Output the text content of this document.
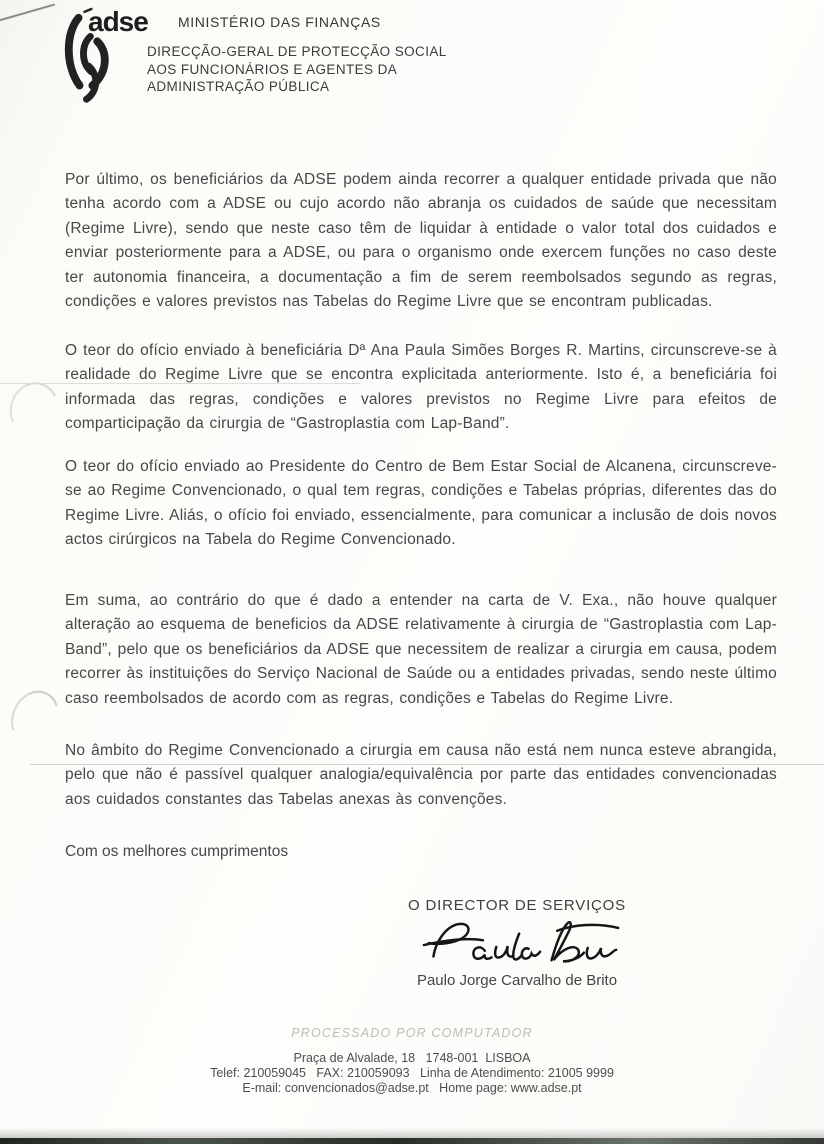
adse MINISTÉRIO DAS FINANÇAS
DIRECÇÃO-GERAL DE PROTECÇÃO SOCIAL
AOS FUNCIONÁRIOS E AGENTES DA
ADMINISTRAÇÃO PÚBLICA
Por último, os beneficiários da ADSE podem ainda recorrer a qualquer entidade privada que não tenha acordo com a ADSE ou cujo acordo não abranja os cuidados de saúde que necessitam (Regime Livre), sendo que neste caso têm de liquidar à entidade o valor total dos cuidados e enviar posteriormente para a ADSE, ou para o organismo onde exercem funções no caso deste ter autonomia financeira, a documentação a fim de serem reembolsados segundo as regras, condições e valores previstos nas Tabelas do Regime Livre que se encontram publicadas.
O teor do ofício enviado à beneficiária Dª Ana Paula Simões Borges R. Martins, circunscreve-se à realidade do Regime Livre que se encontra explicitada anteriormente. Isto é, a beneficiária foi informada das regras, condições e valores previstos no Regime Livre para efeitos de comparticipação da cirurgia de “Gastroplastia com Lap-Band”.
O teor do ofício enviado ao Presidente do Centro de Bem Estar Social de Alcanena, circunscreve-se ao Regime Convencionado, o qual tem regras, condições e Tabelas próprias, diferentes das do Regime Livre. Aliás, o ofício foi enviado, essencialmente, para comunicar a inclusão de dois novos actos cirúrgicos na Tabela do Regime Convencionado.
Em suma, ao contrário do que é dado a entender na carta de V. Exa., não houve qualquer alteração ao esquema de beneficios da ADSE relativamente à cirurgia de “Gastroplastia com Lap-Band”, pelo que os beneficiários da ADSE que necessitem de realizar a cirurgia em causa, podem recorrer às instituições do Serviço Nacional de Saúde ou a entidades privadas, sendo neste último caso reembolsados de acordo com as regras, condições e Tabelas do Regime Livre.
No âmbito do Regime Convencionado a cirurgia em causa não está nem nunca esteve abrangida, pelo que não é passível qualquer analogia/equivalência por parte das entidades convencionadas aos cuidados constantes das Tabelas anexas às convenções.
Com os melhores cumprimentos
O DIRECTOR DE SERVIÇOS
Paulo Jorge Carvalho de Brito
PROCESSADO POR COMPUTADOR
Praça de Alvalade, 18   1748-001  LISBOA
Telef: 210059045   FAX: 210059093   Linha de Atendimento: 21005 9999
E-mail: convencionados@adse.pt   Home page: www.adse.pt
